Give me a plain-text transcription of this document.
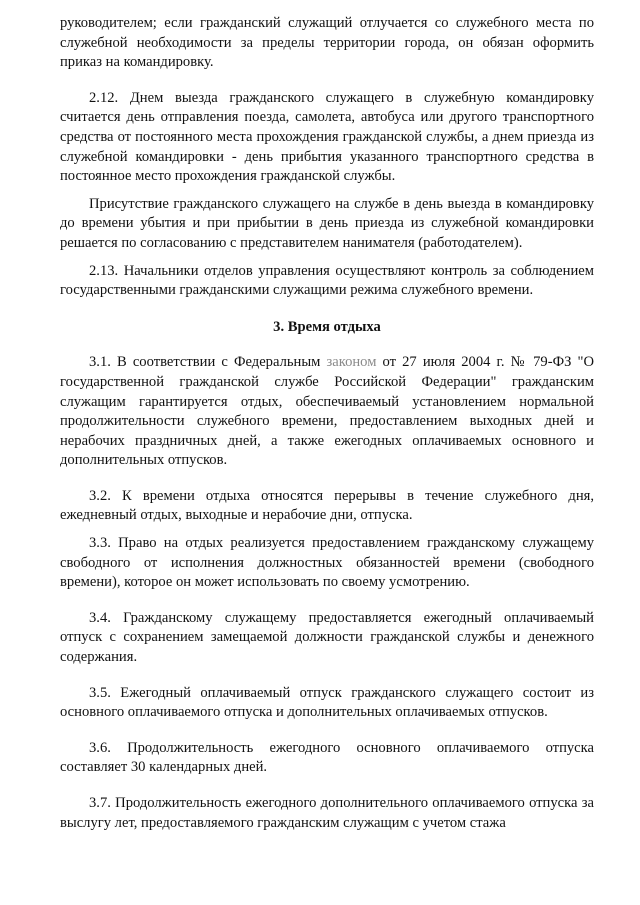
руководителем; если гражданский служащий отлучается со служебного места по служебной необходимости за пределы территории города, он обязан оформить приказ на командировку.

2.12. Днем выезда гражданского служащего в служебную командировку считается день отправления поезда, самолета, автобуса или другого транспортного средства от постоянного места прохождения гражданской службы, а днем приезда из служебной командировки - день прибытия указанного транспортного средства в постоянное место прохождения гражданской службы.

Присутствие гражданского служащего на службе в день выезда в командировку до времени убытия и при прибытии в день приезда из служебной командировки решается по согласованию с представителем нанимателя (работодателем).

2.13. Начальники отделов управления осуществляют контроль за соблюдением государственными гражданскими служащими режима служебного времени.

3. Время отдыха

3.1. В соответствии с Федеральным законом от 27 июля 2004 г. № 79-ФЗ "О государственной гражданской службе Российской Федерации" гражданским служащим гарантируется отдых, обеспечиваемый установлением нормальной продолжительности служебного времени, предоставлением выходных дней и нерабочих праздничных дней, а также ежегодных оплачиваемых основного и дополнительных отпусков.

3.2. К времени отдыха относятся перерывы в течение служебного дня, ежедневный отдых, выходные и нерабочие дни, отпуска.

3.3. Право на отдых реализуется предоставлением гражданскому служащему свободного от исполнения должностных обязанностей времени (свободного времени), которое он может использовать по своему усмотрению.

3.4. Гражданскому служащему предоставляется ежегодный оплачиваемый отпуск с сохранением замещаемой должности гражданской службы и денежного содержания.

3.5. Ежегодный оплачиваемый отпуск гражданского служащего состоит из основного оплачиваемого отпуска и дополнительных оплачиваемых отпусков.

3.6. Продолжительность ежегодного основного оплачиваемого отпуска составляет 30 календарных дней.

3.7. Продолжительность ежегодного дополнительного оплачиваемого отпуска за выслугу лет, предоставляемого гражданским служащим с учетом стажа
